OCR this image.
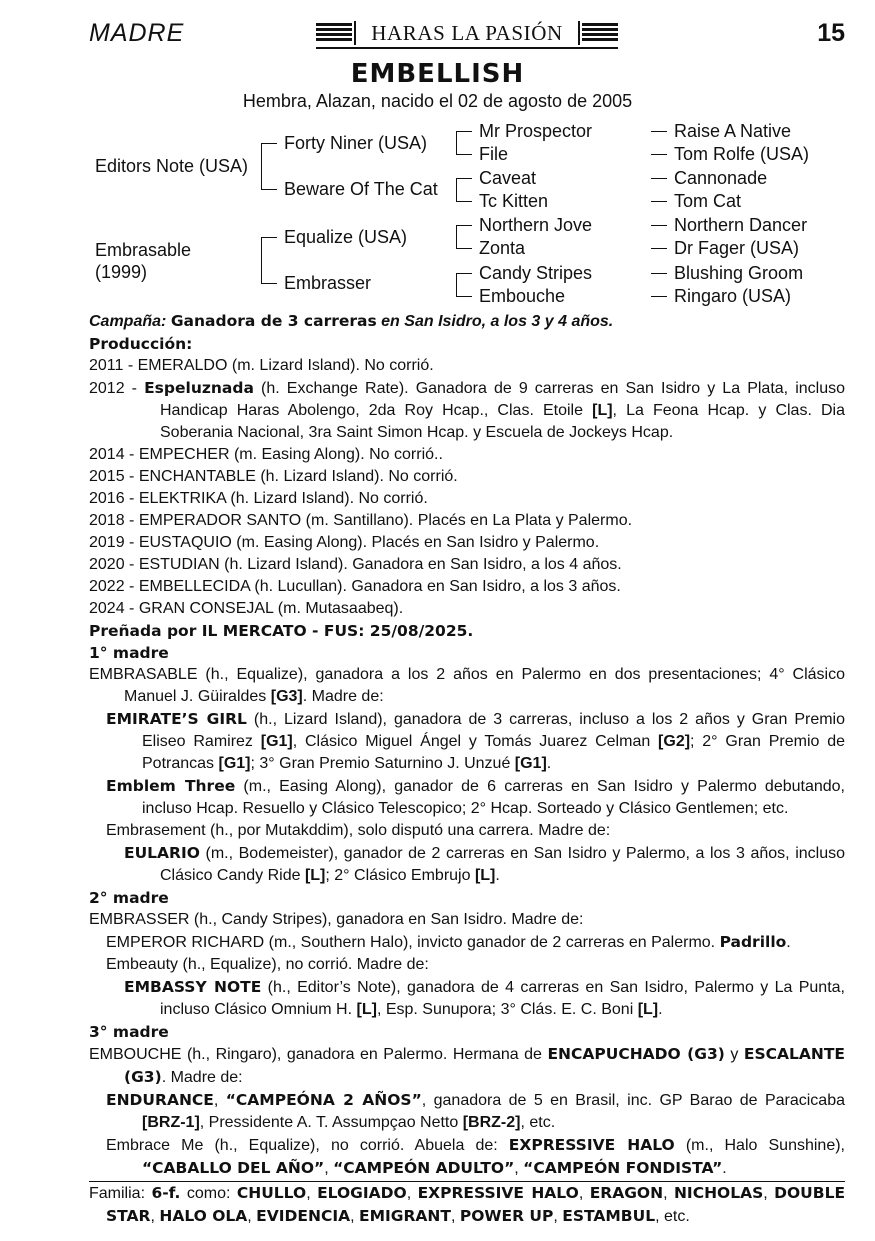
MADRE	HARAS LA PASIÓN	15
EMBELLISH
Hembra, Alazan, nacido el 02 de agosto de 2005
Editors Note (USA)
Embrasable
(1999)
Forty Niner (USA)
Beware Of The Cat
Equalize (USA)
Embrasser
Mr Prospector
File
Caveat
Tc Kitten
Northern Jove
Zonta
Candy Stripes
Embouche
Raise A Native
Tom Rolfe (USA)
Cannonade
Tom Cat
Northern Dancer
Dr Fager (USA)
Blushing Groom
Ringaro (USA)

Campaña: Ganadora de 3 carreras en San Isidro, a los 3 y 4 años.

Producción:

2011 - EMERALDO (m. Lizard Island). No corrió.

2012 - Espeluznada (h. Exchange Rate). Ganadora de 9 carreras en San Isidro y La Plata, incluso Handicap Haras Abolengo, 2da Roy Hcap., Clas. Etoile [L], La Feona Hcap. y Clas. Dia Soberania Nacional, 3ra Saint Simon Hcap. y Escuela de Jockeys Hcap.

2014 - EMPECHER (m. Easing Along). No corrió..

2015 - ENCHANTABLE (h. Lizard Island). No corrió.

2016 - ELEKTRIKA (h. Lizard Island). No corrió.

2018 - EMPERADOR SANTO (m. Santillano). Placés en La Plata y Palermo.

2019 - EUSTAQUIO (m. Easing Along). Placés en San Isidro y Palermo.

2020 - ESTUDIAN (h. Lizard Island). Ganadora en San Isidro, a los 4 años.

2022 - EMBELLECIDA (h. Lucullan). Ganadora en San Isidro, a los 3 años.

2024 - GRAN CONSEJAL (m. Mutasaabeq).

Preñada por IL MERCATO - FUS: 25/08/2025.

1° madre

EMBRASABLE (h., Equalize), ganadora a los 2 años en Palermo en dos presentaciones; 4° Clásico Manuel J. Güiraldes [G3]. Madre de:

EMIRATE’S GIRL (h., Lizard Island), ganadora de 3 carreras, incluso a los 2 años y Gran Premio Eliseo Ramirez [G1], Clásico Miguel Ángel y Tomás Juarez Celman [G2]; 2° Gran Premio de Potrancas [G1]; 3° Gran Premio Saturnino J. Unzué [G1].

Emblem Three (m., Easing Along), ganador de 6 carreras en San Isidro y Palermo debutando, incluso Hcap. Resuello y Clásico Telescopico; 2° Hcap. Sorteado y Clásico Gentlemen; etc.

Embrasement (h., por Mutakddim), solo disputó una carrera. Madre de:

EULARIO (m., Bodemeister), ganador de 2 carreras en San Isidro y Palermo, a los 3 años, incluso Clásico Candy Ride [L]; 2° Clásico Embrujo [L].

2° madre

EMBRASSER (h., Candy Stripes), ganadora en San Isidro. Madre de:

EMPEROR RICHARD (m., Southern Halo), invicto ganador de 2 carreras en Palermo. Padrillo.

Embeauty (h., Equalize), no corrió. Madre de:

EMBASSY NOTE (h., Editor’s Note), ganadora de 4 carreras en San Isidro, Palermo y La Punta, incluso Clásico Omnium H. [L], Esp. Sunupora; 3° Clás. E. C. Boni [L].

3° madre

EMBOUCHE (h., Ringaro), ganadora en Palermo. Hermana de ENCAPUCHADO (G3) y ESCALANTE (G3). Madre de:

ENDURANCE, “CAMPEÓNA 2 AÑOS”, ganadora de 5 en Brasil, inc. GP Barao de Paracicaba [BRZ-1], Pressidente A. T. Assumpçao Netto [BRZ-2], etc.

Embrace Me (h., Equalize), no corrió. Abuela de: EXPRESSIVE HALO (m., Halo Sunshine), “CABALLO DEL AÑO”, “CAMPEÓN ADULTO”, “CAMPEÓN FONDISTA”.

Familia: 6-f. como: CHULLO, ELOGIADO, EXPRESSIVE HALO, ERAGON, NICHOLAS, DOUBLE STAR, HALO OLA, EVIDENCIA, EMIGRANT, POWER UP, ESTAMBUL, etc.
